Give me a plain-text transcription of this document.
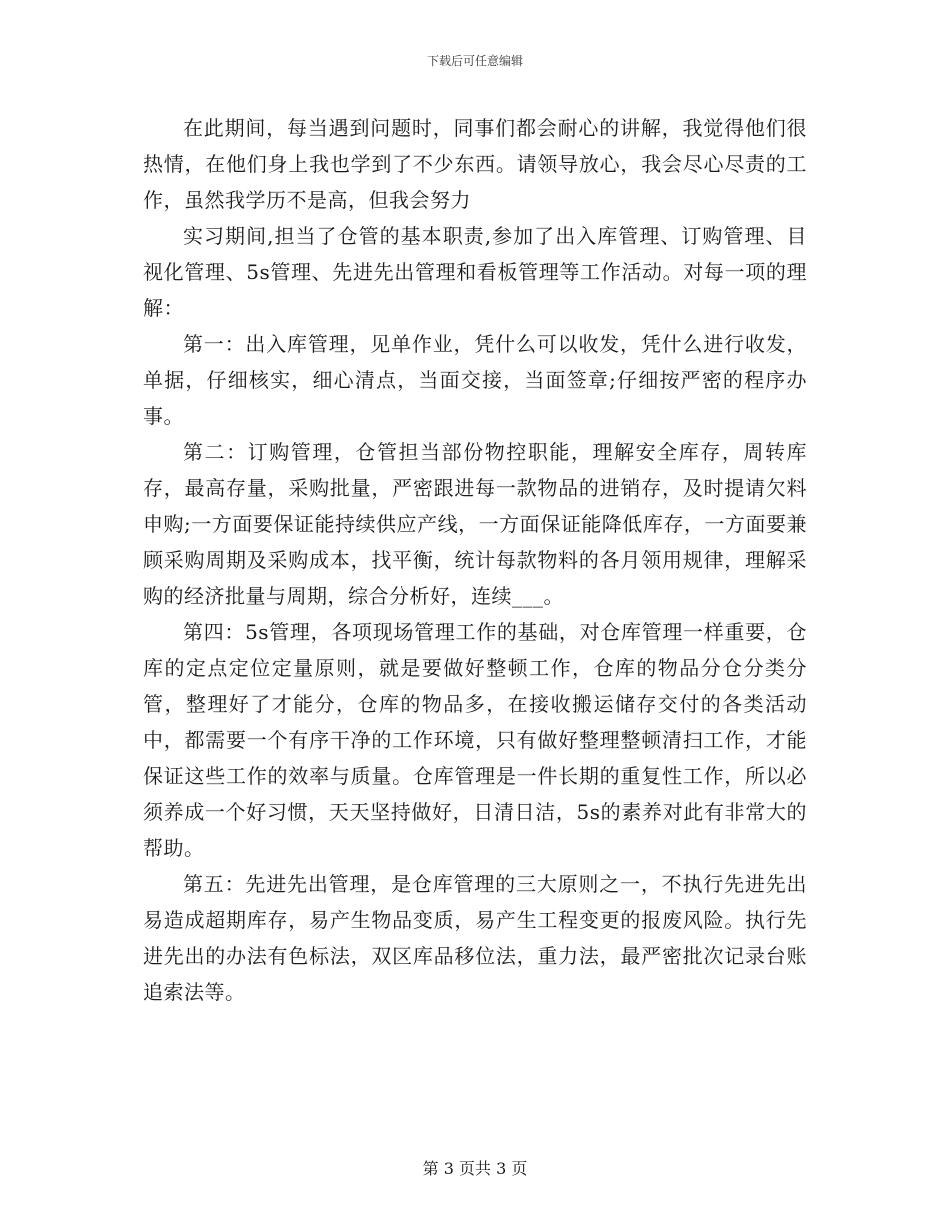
下载后可任意编辑

在此期间，每当遇到问题时，同事们都会耐心的讲解，我觉得他们很热情，在他们身上我也学到了不少东西。请领导放心，我会尽心尽责的工作，虽然我学历不是高，但我会努力

实习期间,担当了仓管的基本职责,参加了出入库管理、订购管理、目视化管理、5s管理、先进先出管理和看板管理等工作活动。对每一项的理解：

第一：出入库管理，见单作业，凭什么可以收发，凭什么进行收发，单据，仔细核实，细心清点，当面交接，当面签章;仔细按严密的程序办事。

第二：订购管理，仓管担当部份物控职能，理解安全库存，周转库存，最高存量，采购批量，严密跟进每一款物品的进销存，及时提请欠料申购;一方面要保证能持续供应产线，一方面保证能降低库存，一方面要兼顾采购周期及采购成本，找平衡，统计每款物料的各月领用规律，理解采购的经济批量与周期，综合分析好，连续___。

第四：5s管理，各项现场管理工作的基础，对仓库管理一样重要，仓库的定点定位定量原则，就是要做好整顿工作，仓库的物品分仓分类分管，整理好了才能分，仓库的物品多，在接收搬运储存交付的各类活动中，都需要一个有序干净的工作环境，只有做好整理整顿清扫工作，才能保证这些工作的效率与质量。仓库管理是一件长期的重复性工作，所以必须养成一个好习惯，天天坚持做好，日清日洁，5s的素养对此有非常大的帮助。

第五：先进先出管理，是仓库管理的三大原则之一，不执行先进先出易造成超期库存，易产生物品变质，易产生工程变更的报废风险。执行先进先出的办法有色标法，双区库品移位法，重力法，最严密批次记录台账追索法等。

第 3 页共 3 页
